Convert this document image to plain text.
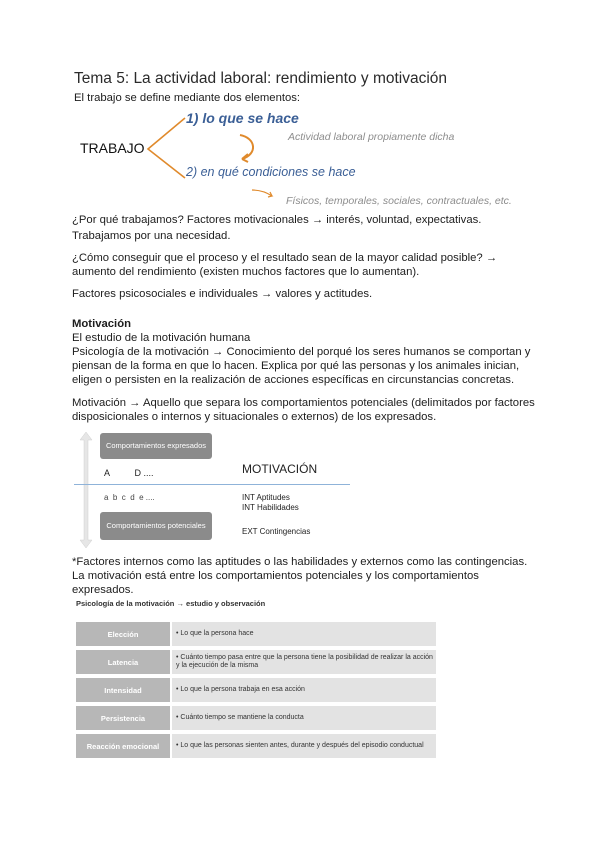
Tema 5: La actividad laboral: rendimiento y motivación
El trabajo se define mediante dos elementos:
TRABAJO
1) lo que se hace
Actividad laboral propiamente dicha
2) en qué condiciones se hace
Físicos, temporales, sociales, contractuales, etc.
¿Por qué trabajamos? Factores motivacionales → interés, voluntad, expectativas.
Trabajamos por una necesidad.
¿Cómo conseguir que el proceso y el resultado sean de la mayor calidad posible? →
aumento del rendimiento (existen muchos factores que lo aumentan).
Factores psicosociales e individuales → valores y actitudes.
Motivación
El estudio de la motivación humana
Psicología de la motivación → Conocimiento del porqué los seres humanos se comportan y
piensan de la forma en que lo hacen. Explica por qué las personas y los animales inician,
eligen o persisten en la realización de acciones específicas en circunstancias concretas.
Motivación → Aquello que separa los comportamientos potenciales (delimitados por factores
disposicionales o internos y situacionales o externos) de los expresados.
Comportamientos expresados
A          D ....	MOTIVACIÓN
a  b  c  d  e ....	INT Aptitudes
INT Habilidades
Comportamientos potenciales
EXT Contingencias
*Factores internos como las aptitudes o las habilidades y externos como las contingencias.
La motivación está entre los comportamientos potenciales y los comportamientos
expresados.
Psicología de la motivación → estudio y observación
Elección	• Lo que la persona hace
Latencia	• Cuánto tiempo pasa entre que la persona tiene la posibilidad de realizar la acción y la ejecución de la misma
Intensidad	• Lo que la persona trabaja en esa acción
Persistencia	• Cuánto tiempo se mantiene la conducta
Reacción emocional	• Lo que las personas sienten antes, durante y después del episodio conductual
